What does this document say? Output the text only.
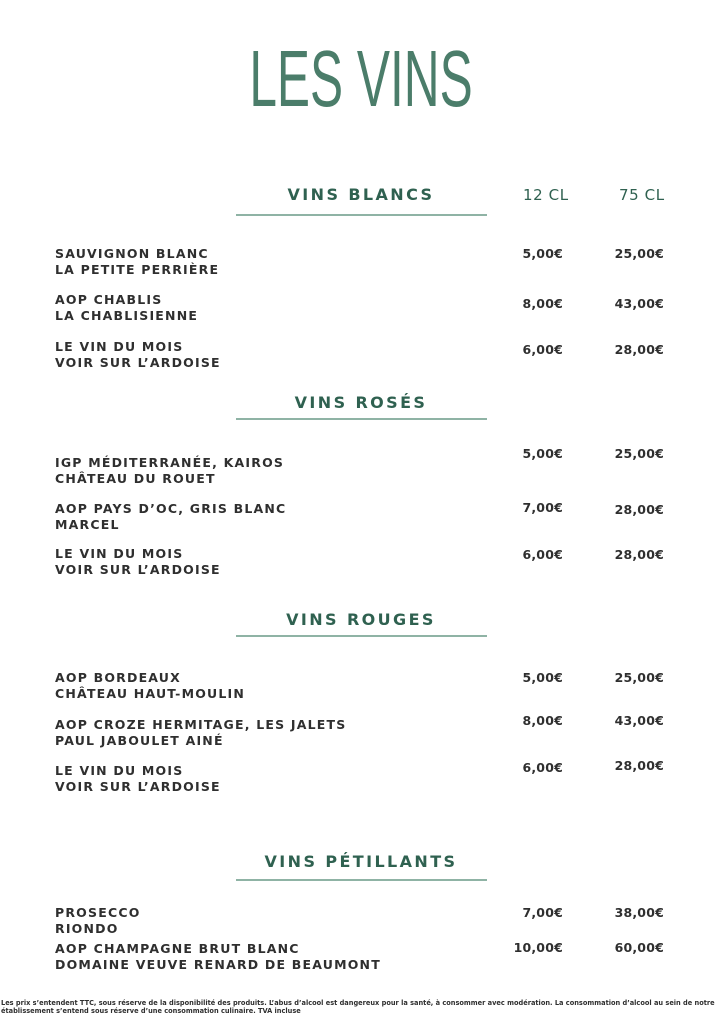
LES VINS
12 CL	75 CL
VINS BLANCS
SAUVIGNON BLANC
LA PETITE PERRIÈRE
5,00€	25,00€
AOP CHABLIS
LA CHABLISIENNE
8,00€	43,00€
LE VIN DU MOIS
VOIR SUR L’ARDOISE
6,00€	28,00€
VINS ROSÉS
IGP MÉDITERRANÉE, KAIROS
CHÂTEAU DU ROUET
5,00€	25,00€
AOP PAYS D’OC, GRIS BLANC
MARCEL
7,00€	28,00€
LE VIN DU MOIS
VOIR SUR L’ARDOISE
6,00€	28,00€
VINS ROUGES
AOP BORDEAUX
CHÂTEAU HAUT-MOULIN
5,00€	25,00€
AOP CROZE HERMITAGE, LES JALETS
PAUL JABOULET AINÉ
8,00€	43,00€
LE VIN DU MOIS
VOIR SUR L’ARDOISE
6,00€	28,00€
VINS PÉTILLANTS
PROSECCO
RIONDO
7,00€	38,00€
AOP CHAMPAGNE BRUT BLANC
DOMAINE VEUVE RENARD DE BEAUMONT
10,00€	60,00€
Les prix s’entendent TTC, sous réserve de la disponibilité des produits. L’abus d’alcool est dangereux pour la santé, à consommer avec modération. La consommation d’alcool au sein de notre établissement s’entend sous réserve d’une consommation culinaire. TVA incluse
